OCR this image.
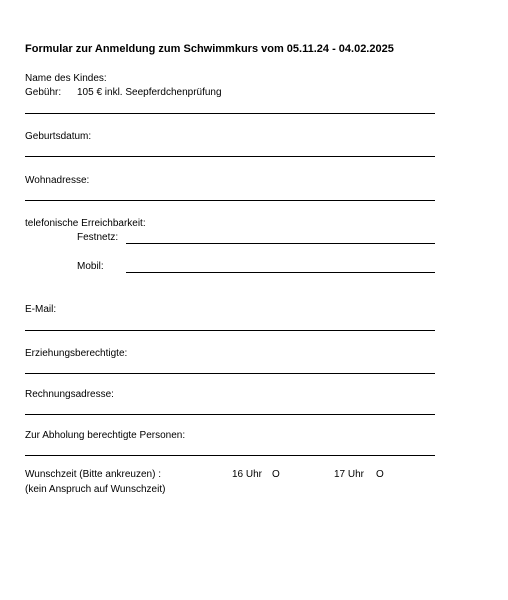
Formular zur Anmeldung zum Schwimmkurs vom 05.11.24 - 04.02.2025
Name des Kindes:
Gebühr: 105 € inkl. Seepferdchenprüfung
Geburtsdatum:
Wohnadresse:
telefonische Erreichbarkeit:
Festnetz:
Mobil:
E-Mail:
Erziehungsberechtigte:
Rechnungsadresse:
Zur Abholung berechtigte Personen:
Wunschzeit (Bitte ankreuzen) :
(kein Anspruch auf Wunschzeit)
16 Uhr O	17 Uhr O
